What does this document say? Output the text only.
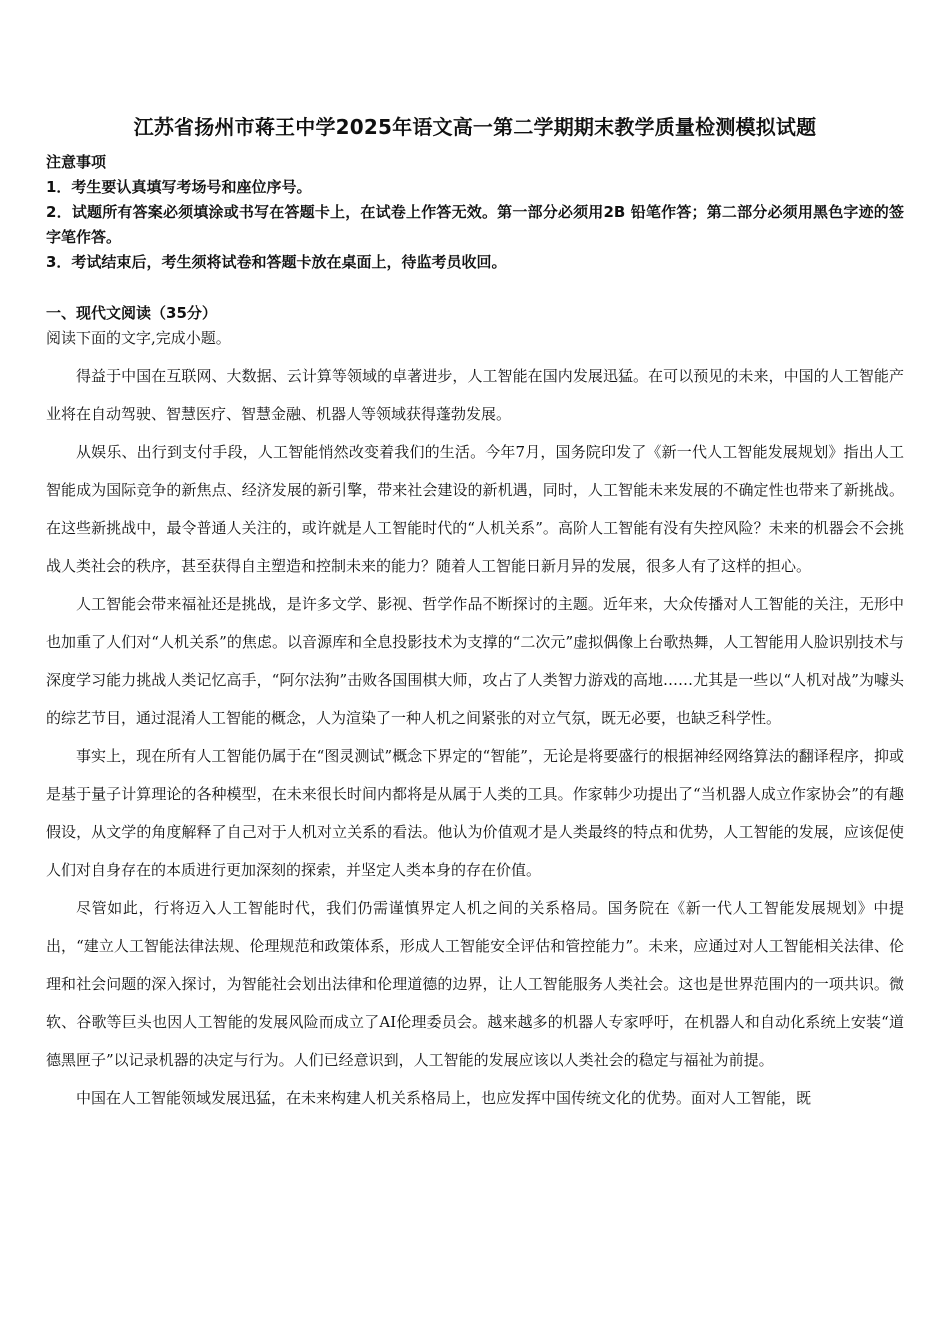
江苏省扬州市蒋王中学2025年语文高一第二学期期末教学质量检测模拟试题
注意事项
1．考生要认真填写考场号和座位序号。
2．试题所有答案必须填涂或书写在答题卡上，在试卷上作答无效。第一部分必须用2B 铅笔作答；第二部分必须用黑色字迹的签字笔作答。
3．考试结束后，考生须将试卷和答题卡放在桌面上，待监考员收回。
一、现代文阅读（35分）
阅读下面的文字,完成小题。

得益于中国在互联网、大数据、云计算等领域的卓著进步，人工智能在国内发展迅猛。在可以预见的未来，中国的人工智能产业将在自动驾驶、智慧医疗、智慧金融、机器人等领域获得蓬勃发展。

从娱乐、出行到支付手段，人工智能悄然改变着我们的生活。今年7月，国务院印发了《新一代人工智能发展规划》指出人工智能成为国际竞争的新焦点、经济发展的新引擎，带来社会建设的新机遇，同时，人工智能未来发展的不确定性也带来了新挑战。在这些新挑战中，最令普通人关注的，或许就是人工智能时代的“人机关系”。高阶人工智能有没有失控风险？未来的机器会不会挑战人类社会的秩序，甚至获得自主塑造和控制未来的能力？随着人工智能日新月异的发展，很多人有了这样的担心。

人工智能会带来福祉还是挑战，是许多文学、影视、哲学作品不断探讨的主题。近年来，大众传播对人工智能的关注，无形中也加重了人们对“人机关系”的焦虑。以音源库和全息投影技术为支撑的“二次元”虚拟偶像上台歌热舞，人工智能用人脸识别技术与深度学习能力挑战人类记忆高手，“阿尔法狗”击败各国围棋大师，攻占了人类智力游戏的高地……尤其是一些以“人机对战”为噱头的综艺节目，通过混淆人工智能的概念，人为渲染了一种人机之间紧张的对立气氛，既无必要，也缺乏科学性。

事实上，现在所有人工智能仍属于在“图灵测试”概念下界定的“智能”，无论是将要盛行的根据神经网络算法的翻译程序，抑或是基于量子计算理论的各种模型，在未来很长时间内都将是从属于人类的工具。作家韩少功提出了“当机器人成立作家协会”的有趣假设，从文学的角度解释了自己对于人机对立关系的看法。他认为价值观才是人类最终的特点和优势，人工智能的发展，应该促使人们对自身存在的本质进行更加深刻的探索，并坚定人类本身的存在价值。

尽管如此，行将迈入人工智能时代，我们仍需谨慎界定人机之间的关系格局。国务院在《新一代人工智能发展规划》中提出，“建立人工智能法律法规、伦理规范和政策体系，形成人工智能安全评估和管控能力”。未来，应通过对人工智能相关法律、伦理和社会问题的深入探讨，为智能社会划出法律和伦理道德的边界，让人工智能服务人类社会。这也是世界范围内的一项共识。微软、谷歌等巨头也因人工智能的发展风险而成立了AI伦理委员会。越来越多的机器人专家呼吁，在机器人和自动化系统上安装“道德黑匣子”以记录机器的决定与行为。人们已经意识到，人工智能的发展应该以人类社会的稳定与福祉为前提。

中国在人工智能领域发展迅猛，在未来构建人机关系格局上，也应发挥中国传统文化的优势。面对人工智能，既
